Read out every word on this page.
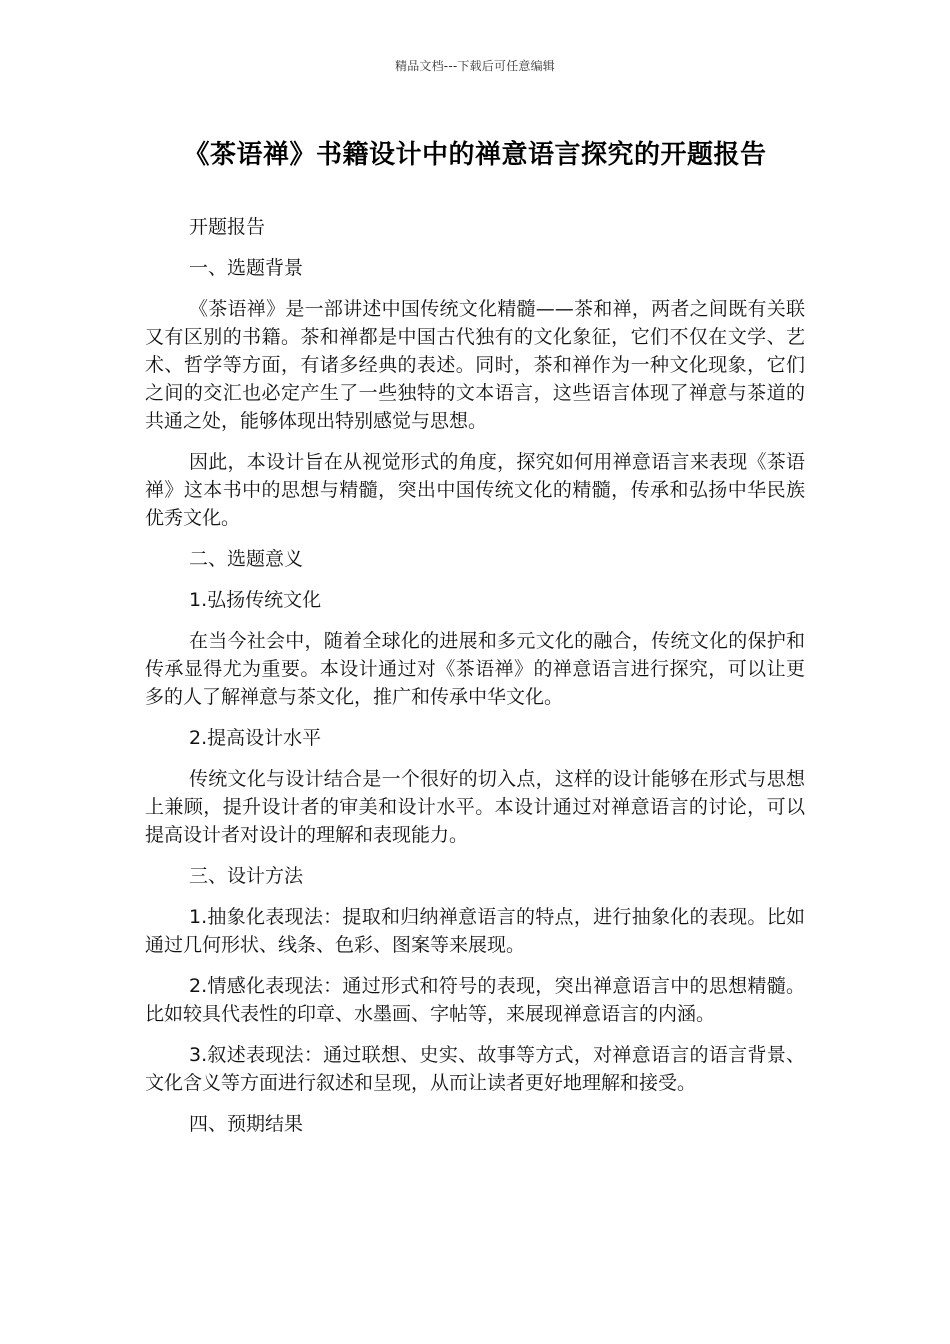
精品文档---下载后可任意编辑
《茶语禅》书籍设计中的禅意语言探究的开题报告

开题报告

一、选题背景

《茶语禅》是一部讲述中国传统文化精髓——茶和禅，两者之间既有关联又有区别的书籍。茶和禅都是中国古代独有的文化象征，它们不仅在文学、艺术、哲学等方面，有诸多经典的表述。同时，茶和禅作为一种文化现象，它们之间的交汇也必定产生了一些独特的文本语言，这些语言体现了禅意与茶道的共通之处，能够体现出特别感觉与思想。

因此，本设计旨在从视觉形式的角度，探究如何用禅意语言来表现《茶语禅》这本书中的思想与精髓，突出中国传统文化的精髓，传承和弘扬中华民族优秀文化。

二、选题意义

1.弘扬传统文化

在当今社会中，随着全球化的进展和多元文化的融合，传统文化的保护和传承显得尤为重要。本设计通过对《茶语禅》的禅意语言进行探究，可以让更多的人了解禅意与茶文化，推广和传承中华文化。

2.提高设计水平

传统文化与设计结合是一个很好的切入点，这样的设计能够在形式与思想上兼顾，提升设计者的审美和设计水平。本设计通过对禅意语言的讨论，可以提高设计者对设计的理解和表现能力。

三、设计方法

1.抽象化表现法：提取和归纳禅意语言的特点，进行抽象化的表现。比如通过几何形状、线条、色彩、图案等来展现。

2.情感化表现法：通过形式和符号的表现，突出禅意语言中的思想精髓。比如较具代表性的印章、水墨画、字帖等，来展现禅意语言的内涵。

3.叙述表现法：通过联想、史实、故事等方式，对禅意语言的语言背景、文化含义等方面进行叙述和呈现，从而让读者更好地理解和接受。

四、预期结果
